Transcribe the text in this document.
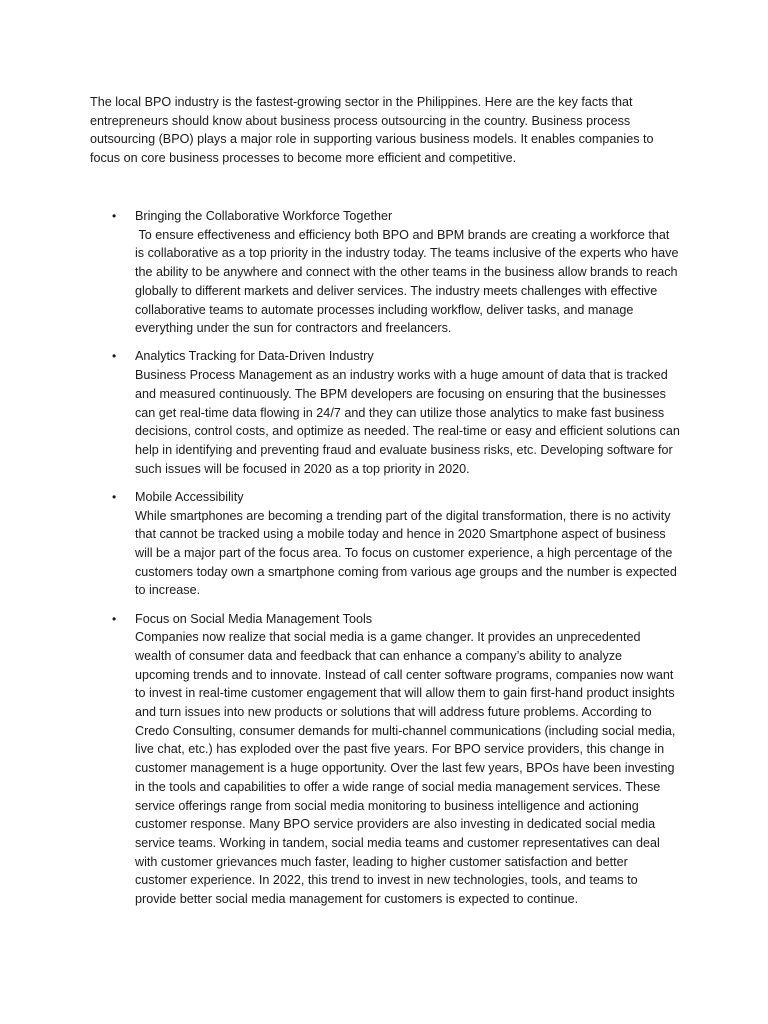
The local BPO industry is the fastest-growing sector in the Philippines. Here are the key facts that entrepreneurs should know about business process outsourcing in the country. Business process outsourcing (BPO) plays a major role in supporting various business models. It enables companies to focus on core business processes to become more efficient and competitive.

• Bringing the Collaborative Workforce Together
To ensure effectiveness and efficiency both BPO and BPM brands are creating a workforce that is collaborative as a top priority in the industry today. The teams inclusive of the experts who have the ability to be anywhere and connect with the other teams in the business allow brands to reach globally to different markets and deliver services. The industry meets challenges with effective collaborative teams to automate processes including workflow, deliver tasks, and manage everything under the sun for contractors and freelancers.
• Analytics Tracking for Data-Driven Industry
Business Process Management as an industry works with a huge amount of data that is tracked and measured continuously. The BPM developers are focusing on ensuring that the businesses can get real-time data flowing in 24/7 and they can utilize those analytics to make fast business decisions, control costs, and optimize as needed. The real-time or easy and efficient solutions can help in identifying and preventing fraud and evaluate business risks, etc. Developing software for such issues will be focused in 2020 as a top priority in 2020.
• Mobile Accessibility
While smartphones are becoming a trending part of the digital transformation, there is no activity that cannot be tracked using a mobile today and hence in 2020 Smartphone aspect of business will be a major part of the focus area. To focus on customer experience, a high percentage of the customers today own a smartphone coming from various age groups and the number is expected to increase.
• Focus on Social Media Management Tools
Companies now realize that social media is a game changer. It provides an unprecedented wealth of consumer data and feedback that can enhance a company’s ability to analyze upcoming trends and to innovate. Instead of call center software programs, companies now want to invest in real-time customer engagement that will allow them to gain first-hand product insights and turn issues into new products or solutions that will address future problems. According to Credo Consulting, consumer demands for multi-channel communications (including social media, live chat, etc.) has exploded over the past five years. For BPO service providers, this change in customer management is a huge opportunity. Over the last few years, BPOs have been investing in the tools and capabilities to offer a wide range of social media management services. These service offerings range from social media monitoring to business intelligence and actioning customer response. Many BPO service providers are also investing in dedicated social media service teams. Working in tandem, social media teams and customer representatives can deal with customer grievances much faster, leading to higher customer satisfaction and better customer experience. In 2022, this trend to invest in new technologies, tools, and teams to provide better social media management for customers is expected to continue.
